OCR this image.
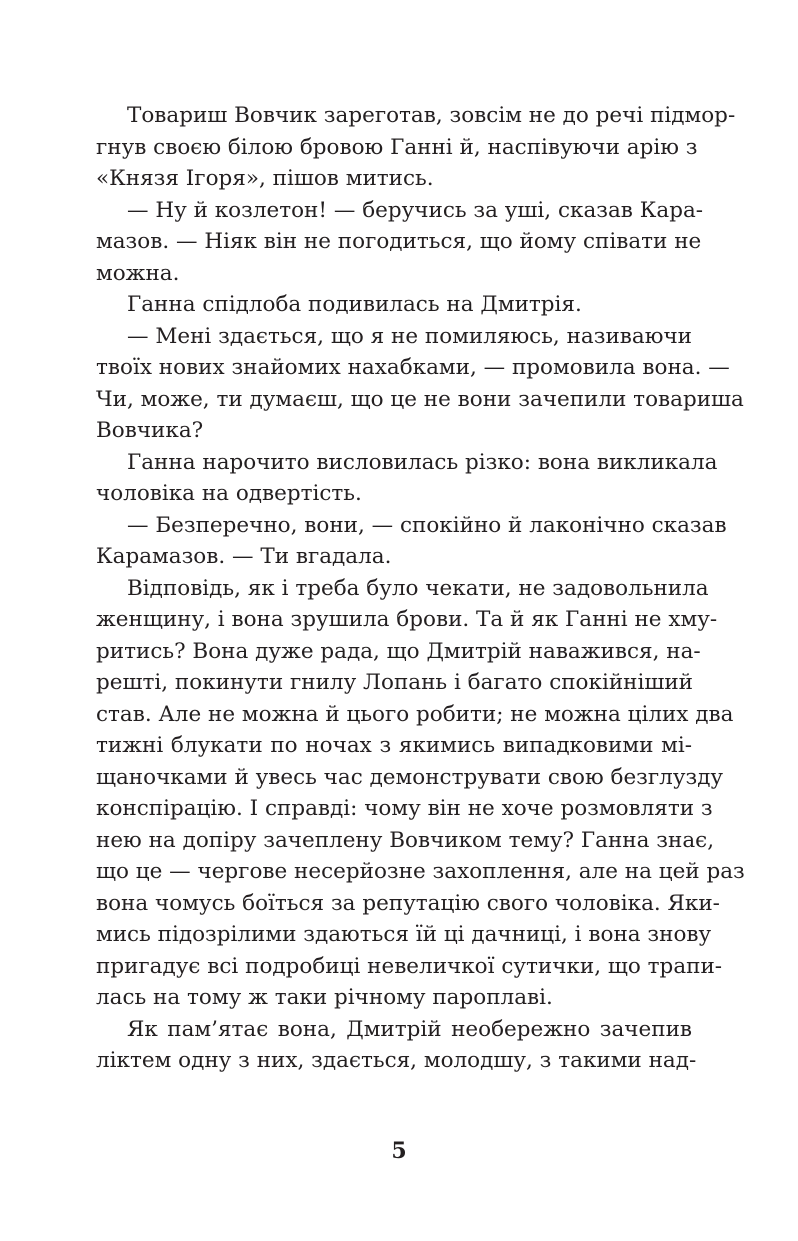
Товариш Вовчик зареготав, зовсім не до речі підмор-
гнув своєю білою бровою Ганні й, наспівуючи арію з
«Князя Ігоря», пішов митись.

— Ну й козлетон! — беручись за уші, сказав Кара-
мазов. — Ніяк він не погодиться, що йому співати не
можна.

Ганна спідлоба подивилась на Дмитрія.

— Мені здається, що я не помиляюсь, називаючи
твоїх нових знайомих нахабками, — промовила вона. —
Чи, може, ти думаєш, що це не вони зачепили товариша
Вовчика?

Ганна нарочито висловилась різко: вона викликала
чоловіка на одвертість.

— Безперечно, вони, — спокійно й лаконічно сказав
Карамазов. — Ти вгадала.

Відповідь, як і треба було чекати, не задовольнила
женщину, і вона зрушила брови. Та й як Ганні не хму-
ритись? Вона дуже рада, що Дмитрій наважився, на-
решті, покинути гнилу Лопань і багато спокійніший
став. Але не можна й цього робити; не можна цілих два
тижні блукати по ночах з якимись випадковими мі-
щаночками й увесь час демонструвати свою безглузду
конспірацію. І справді: чому він не хоче розмовляти з
нею на допіру зачеплену Вовчиком тему? Ганна знає,
що це — чергове несерйозне захоплення, але на цей раз
вона чомусь боїться за репутацію свого чоловіка. Яки-
мись підозрілими здаються їй ці дачниці, і вона знову
пригадує всі подробиці невеличкої сутички, що трапи-
лась на тому ж таки річному пароплаві.

Як пам’ятає вона, Дмитрій необережно зачепив
ліктем одну з них, здається, молодшу, з такими над-

5
